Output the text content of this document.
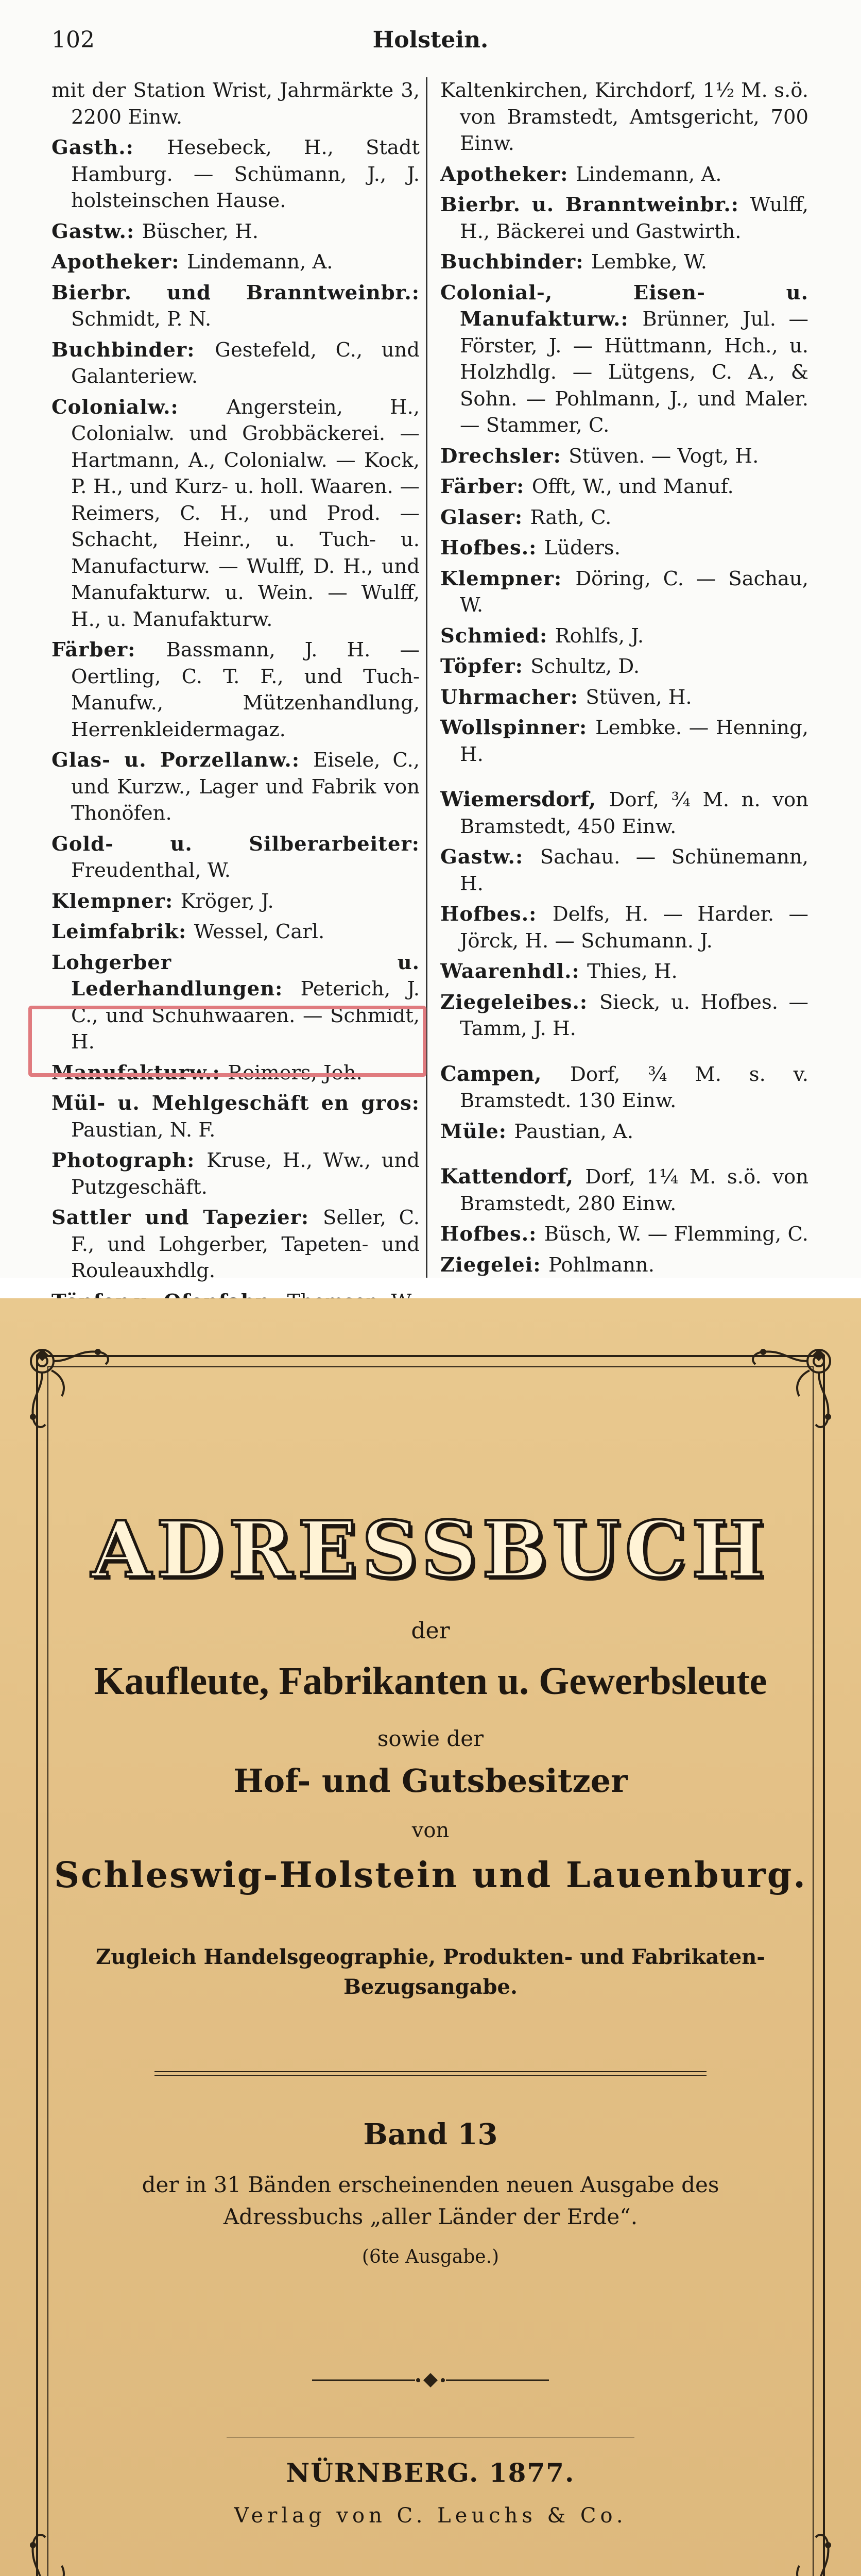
102	Holstein.
mit der Station Wrist, Jahrmärkte 3, 2200 Einw.
Gasth.: Hesebeck, H., Stadt Hamburg. — Schümann, J., J. holsteinschen Hause.
Gastw.: Büscher, H.
Apotheker: Lindemann, A.
Bierbr. und Branntweinbr.: Schmidt, P. N.
Buchbinder: Gestefeld, C., und Galanteriew.
Colonialw.: Angerstein, H., Colonialw. und Grobbäckerei. — Hartmann, A., Colonialw. — Kock, P. H., und Kurz- u. holl. Waaren. — Reimers, C. H., und Prod. — Schacht, Heinr., u. Tuch- u. Manufacturw. — Wulff, D. H., und Manufakturw. u. Wein. — Wulff, H., u. Manufakturw.
Färber: Bassmann, J. H. — Oertling, C. T. F., und Tuch-Manufw., Mützenhandlung, Herrenkleidermagaz.
Glas- u. Porzellanw.: Eisele, C., und Kurzw., Lager und Fabrik von Thonöfen.
Gold- u. Silberarbeiter: Freudenthal, W.
Klempner: Kröger, J.
Leimfabrik: Wessel, Carl.
Lohgerber u. Lederhandlungen: Peterich, J. C., und Schuhwaaren. — Schmidt, H.
Manufakturw.: Reimers, Joh.
Mül- u. Mehlgeschäft en gros: Paustian, N. F.
Photograph: Kruse, H., Ww., und Putzgeschäft.
Sattler und Tapezier: Seller, C. F., und Lohgerber, Tapeten- und Rouleauxhdlg.
Kaltenkirchen, Kirchdorf, 1½ M. s.ö. von Bramstedt, Amtsgericht, 700 Einw.
Apotheker: Lindemann, A.
Bierbr. u. Branntweinbr.: Wulff, H., Bäckerei und Gastwirth.
Buchbinder: Lembke, W.
Colonial-, Eisen- u. Manufakturw.: Brünner, Jul. — Förster, J. — Hüttmann, Hch., u. Holzhdlg. — Lütgens, C. A., & Sohn. — Pohlmann, J., und Maler. — Stammer, C.
Drechsler: Stüven. — Vogt, H.
Färber: Offt, W., und Manuf.
Glaser: Rath, C.
Hofbes.: Lüders.
Klempner: Döring, C. — Sachau, W.
Schmied: Rohlfs, J.
Töpfer: Schultz, D.
Uhrmacher: Stüven, H.
Wollspinner: Lembke. — Henning, H.
Wiemersdorf, Dorf, ¾ M. n. von Bramstedt, 450 Einw.
Gastw.: Sachau. — Schünemann, H.
Hofbes.: Delfs, H. — Harder. — Jörck, H. — Schumann. J.
Waarenhdl.: Thies, H.
Ziegeleibes.: Sieck, u. Hofbes. — Tamm, J. H.
Campen, Dorf, ¾ M. s. v. Bramstedt. 130 Einw.
Müle: Paustian, A.
Kattendorf, Dorf, 1¼ M. s.ö. von Bramstedt, 280 Einw.
Hofbes.: Büsch, W. — Flemming, C.
Ziegelei: Pohlmann.
ADRESSBUCH
der
Kaufleute, Fabrikanten u. Gewerbsleute
sowie der
Hof- und Gutsbesitzer
von
Schleswig-Holstein und Lauenburg.
Zugleich Handelsgeographie, Produkten- und Fabrikaten-
Bezugsangabe.
Band 13
der in 31 Bänden erscheinenden neuen Ausgabe des
Adressbuchs „aller Länder der Erde“.
(6te Ausgabe.)
NÜRNBERG. 1877.
Verlag von C. Leuchs & Co.
